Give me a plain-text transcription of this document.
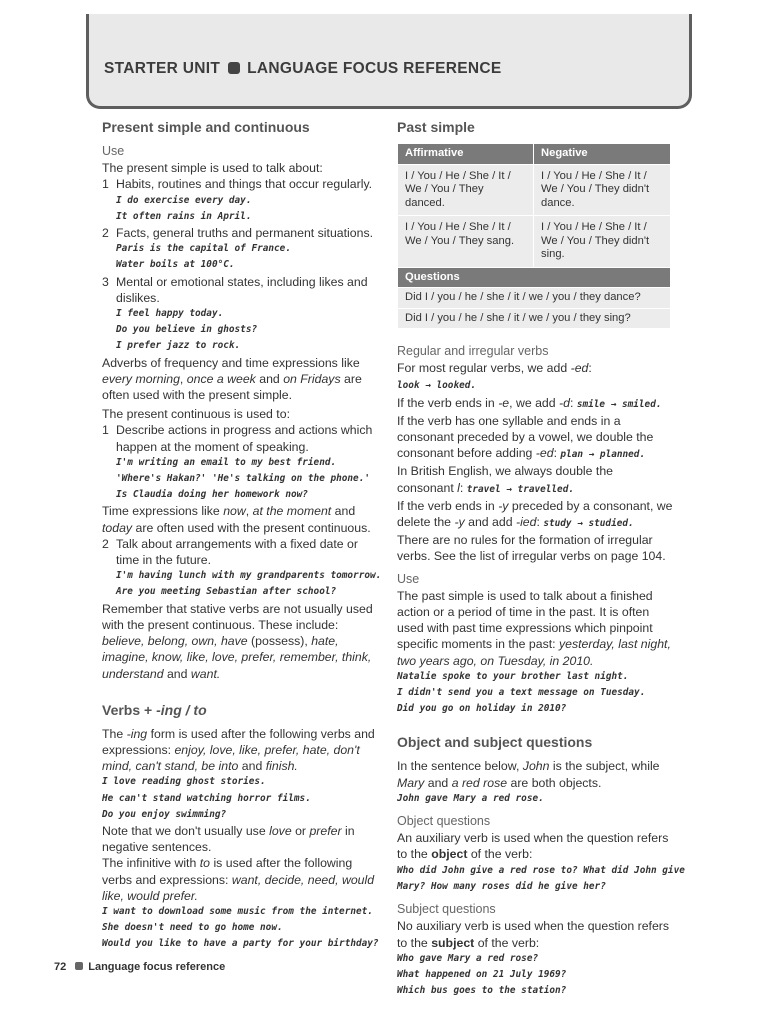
STARTER UNIT LANGUAGE FOCUS REFERENCE
Present simple and continuous
Use

The present simple is used to talk about:

1 Habits, routines and things that occur regularly.
I do exercise every day.
It often rains in April.
2 Facts, general truths and permanent situations.
Paris is the capital of France.
Water boils at 100°C.
3 Mental or emotional states, including likes and dislikes.
I feel happy today.
Do you believe in ghosts?
I prefer jazz to rock.

Adverbs of frequency and time expressions like every morning, once a week and on Fridays are often used with the present simple.

The present continuous is used to:

1 Describe actions in progress and actions which happen at the moment of speaking.
I'm writing an email to my best friend.
'Where's Hakan?' 'He's talking on the phone.'
Is Claudia doing her homework now?

Time expressions like now, at the moment and today are often used with the present continuous.

2 Talk about arrangements with a fixed date or time in the future.
I'm having lunch with my grandparents tomorrow.
Are you meeting Sebastian after school?

Remember that stative verbs are not usually used with the present continuous. These include: believe, belong, own, have (possess), hate, imagine, know, like, love, prefer, remember, think, understand and want.

Verbs + -ing / to

The -ing form is used after the following verbs and expressions: enjoy, love, like, prefer, hate, don't mind, can't stand, be into and finish.

I love reading ghost stories.
He can't stand watching horror films.
Do you enjoy swimming?

Note that we don't usually use love or prefer in negative sentences.

The infinitive with to is used after the following verbs and expressions: want, decide, need, would like, would prefer.

I want to download some music from the internet.
She doesn't need to go home now.
Would you like to have a party for your birthday?
Past simple
Affirmative	Negative
I / You / He / She / It / We / You / They danced.	I / You / He / She / It / We / You / They didn't dance.
I / You / He / She / It / We / You / They sang.	I / You / He / She / It / We / You / They didn't sing.
Questions	
Did I / you / he / she / it / we / you / they dance?	
Did I / you / he / she / it / we / you / they sing?	
Regular and irregular verbs

For most regular verbs, we add -ed: look → looked.

If the verb ends in -e, we add -d: smile → smiled.

If the verb has one syllable and ends in a consonant preceded by a vowel, we double the consonant before adding -ed: plan → planned.

In British English, we always double the consonant l: travel → travelled.

If the verb ends in -y preceded by a consonant, we delete the -y and add -ied: study → studied.

There are no rules for the formation of irregular verbs. See the list of irregular verbs on page 104.

Use

The past simple is used to talk about a finished action or a period of time in the past. It is often used with past time expressions which pinpoint specific moments in the past: yesterday, last night, two years ago, on Tuesday, in 2010.

Natalie spoke to your brother last night.
I didn't send you a text message on Tuesday.
Did you go on holiday in 2010?
Object and subject questions

In the sentence below, John is the subject, while Mary and a red rose are both objects.

John gave Mary a red rose.
Object questions

An auxiliary verb is used when the question refers to the object of the verb:

Who did John give a red rose to? What did John give
Mary? How many roses did he give her?
Subject questions

No auxiliary verb is used when the question refers to the subject of the verb:

Who gave Mary a red rose?
What happened on 21 July 1969?
Which bus goes to the station?
72 Language focus reference
